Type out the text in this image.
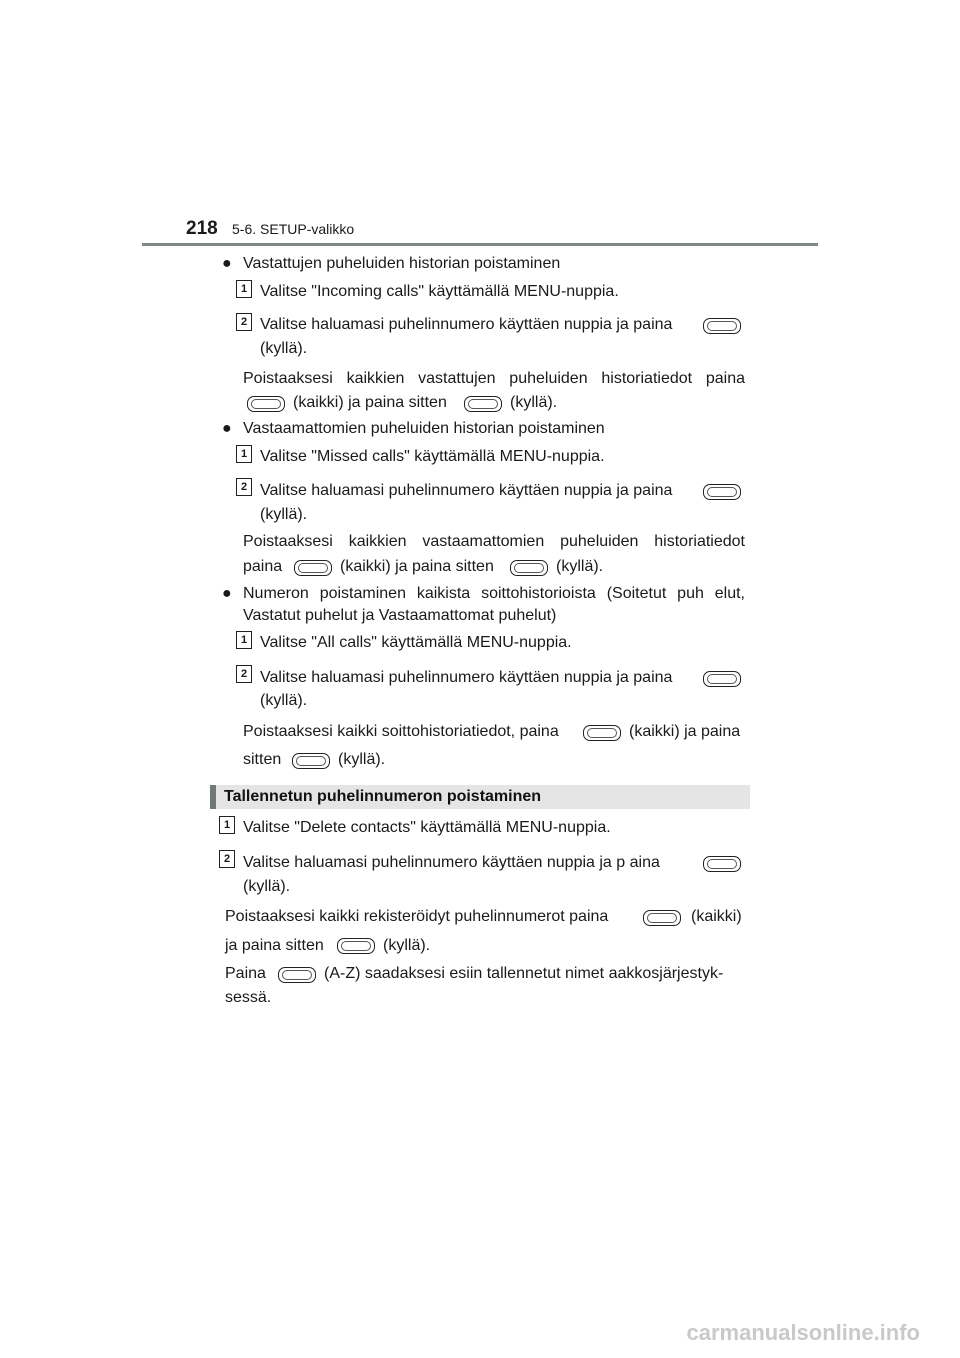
218 5-6. SETUP-valikko
● Vastattujen puheluiden historian poistaminen
1 Valitse "Incoming calls" käyttämällä MENU-nuppia.
2 Valitse haluamasi puhelinnumero käyttäen nuppia ja paina
(kyllä).
Poistaaksesi kaikkien vastattujen puheluiden historiatiedot paina
(kaikki) ja paina sitten	(kyllä).
● Vastaamattomien puheluiden historian poistaminen
1 Valitse "Missed calls" käyttämällä MENU-nuppia.
2 Valitse haluamasi puhelinnumero käyttäen nuppia ja paina
(kyllä).
Poistaaksesi kaikkien vastaamattomien puheluiden historiatiedot
paina	(kaikki) ja paina sitten	(kyllä).
● Numeron poistaminen kaikista soittohistorioista (Soitetut puh elut,
Vastatut puhelut ja Vastaamattomat puhelut)
1 Valitse "All calls" käyttämällä MENU-nuppia.
2 Valitse haluamasi puhelinnumero käyttäen nuppia ja paina
(kyllä).
Poistaaksesi kaikki soittohistoriatiedot, paina	(kaikki) ja paina
sitten	(kyllä).
Tallennetun puhelinnumeron poistaminen
1 Valitse "Delete contacts" käyttämällä MENU-nuppia.
2 Valitse haluamasi puhelinnumero käyttäen nuppia ja p aina
(kyllä).
Poistaaksesi kaikki rekisteröidyt puhelinnumerot paina	(kaikki)
ja paina sitten	(kyllä).
Paina	(A-Z) saadaksesi esiin tallennetut nimet aakkosjärjestyk-
sessä.
carmanualsonline.info
